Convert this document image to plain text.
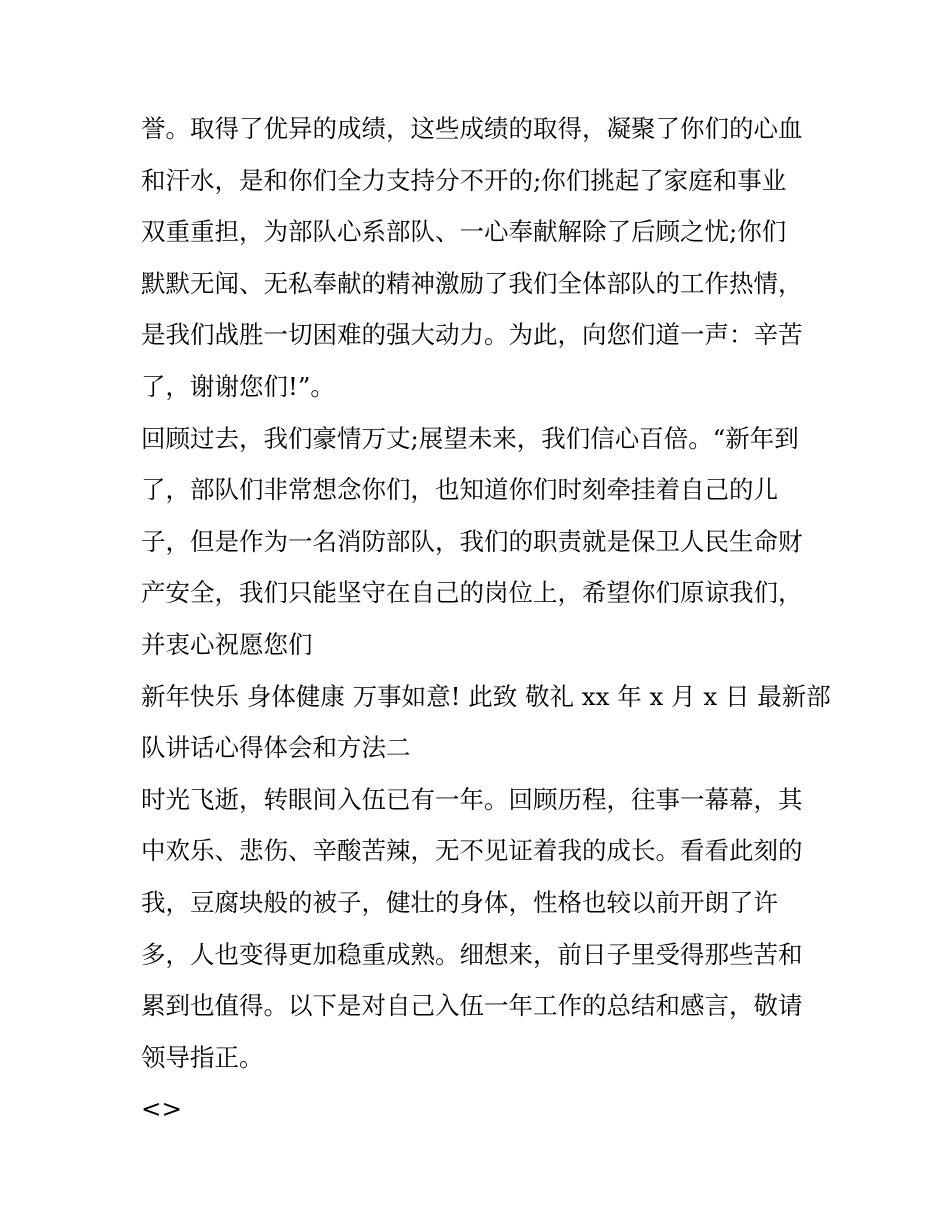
誉。取得了优异的成绩，这些成绩的取得，凝聚了你们的心血
和汗水，是和你们全力支持分不开的;你们挑起了家庭和事业
双重重担，为部队心系部队、一心奉献解除了后顾之忧;你们
默默无闻、无私奉献的精神激励了我们全体部队的工作热情，
是我们战胜一切困难的强大动力。为此，向您们道一声：辛苦
了，谢谢您们!”。
回顾过去，我们豪情万丈;展望未来，我们信心百倍。“新年到
了，部队们非常想念你们，也知道你们时刻牵挂着自己的儿
子，但是作为一名消防部队，我们的职责就是保卫人民生命财
产安全，我们只能坚守在自己的岗位上，希望你们原谅我们，
并衷心祝愿您们
新年快乐 身体健康 万事如意! 此致 敬礼 xx 年 x 月 x 日 最新部
队讲话心得体会和方法二
时光飞逝，转眼间入伍已有一年。回顾历程，往事一幕幕，其
中欢乐、悲伤、辛酸苦辣，无不见证着我的成长。看看此刻的
我，豆腐块般的被子，健壮的身体，性格也较以前开朗了许
多，人也变得更加稳重成熟。细想来，前日子里受得那些苦和
累到也值得。以下是对自己入伍一年工作的总结和感言，敬请
领导指正。
<>
